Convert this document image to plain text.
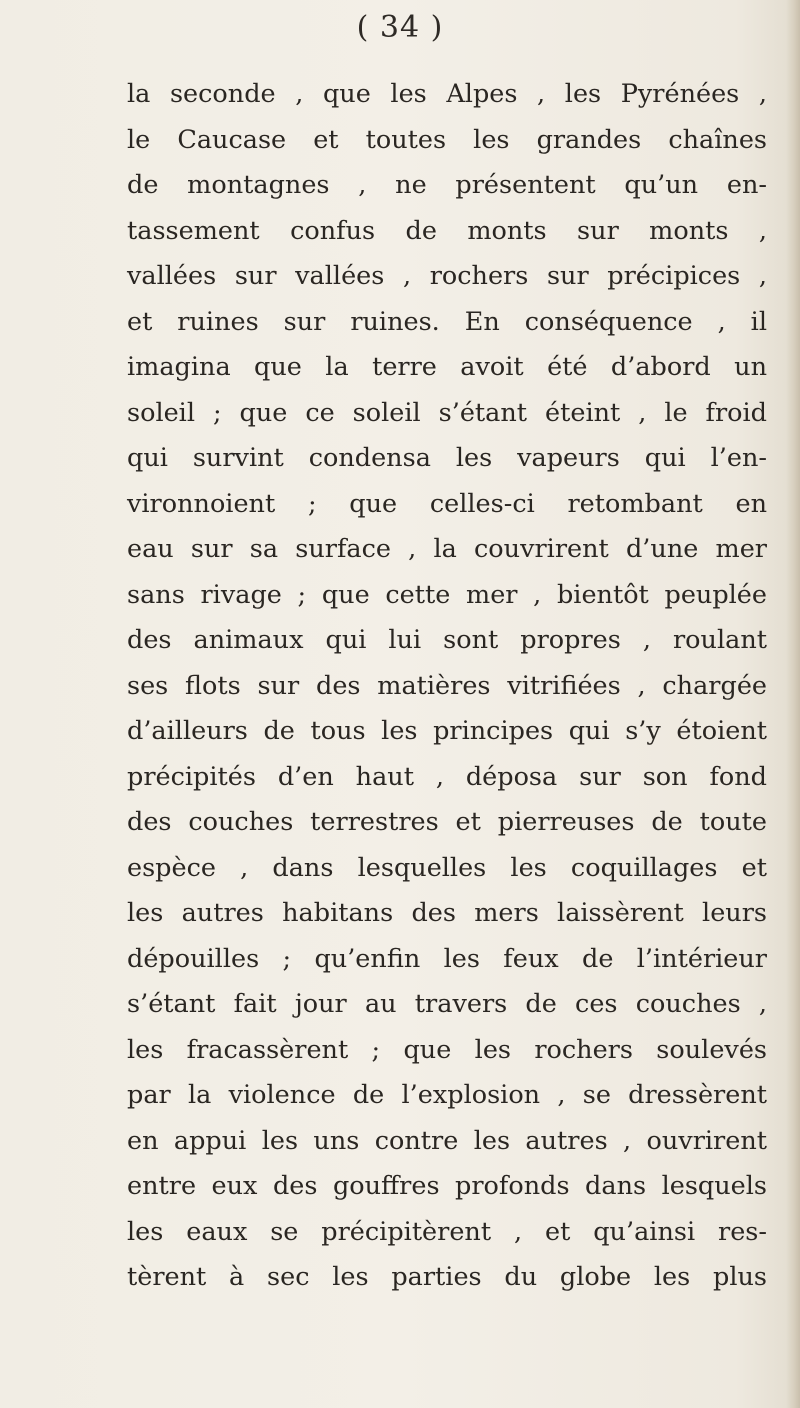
( 34 )
la seconde , que les Alpes , les Pyrénées ,
le Caucase et toutes les grandes chaînes
de montagnes , ne présentent qu’un en-
tassement confus de monts sur monts ,
vallées sur vallées , rochers sur précipices ,
et ruines sur ruines. En conséquence , il
imagina que la terre avoit été d’abord un
soleil ; que ce soleil s’étant éteint , le froid
qui survint condensa les vapeurs qui l’en-
vironnoient ; que celles-ci retombant en
eau sur sa surface , la couvrirent d’une mer
sans rivage ; que cette mer , bientôt peuplée
des animaux qui lui sont propres , roulant
ses flots sur des matières vitrifiées , chargée
d’ailleurs de tous les principes qui s’y étoient
précipités d’en haut , déposa sur son fond
des couches terrestres et pierreuses de toute
espèce , dans lesquelles les coquillages et
les autres habitans des mers laissèrent leurs
dépouilles ; qu’enfin les feux de l’intérieur
s’étant fait jour au travers de ces couches ,
les fracassèrent ; que les rochers soulevés
par la violence de l’explosion , se dressèrent
en appui les uns contre les autres , ouvrirent
entre eux des gouffres profonds dans lesquels
les eaux se précipitèrent , et qu’ainsi res-
tèrent à sec les parties du globe les plus
